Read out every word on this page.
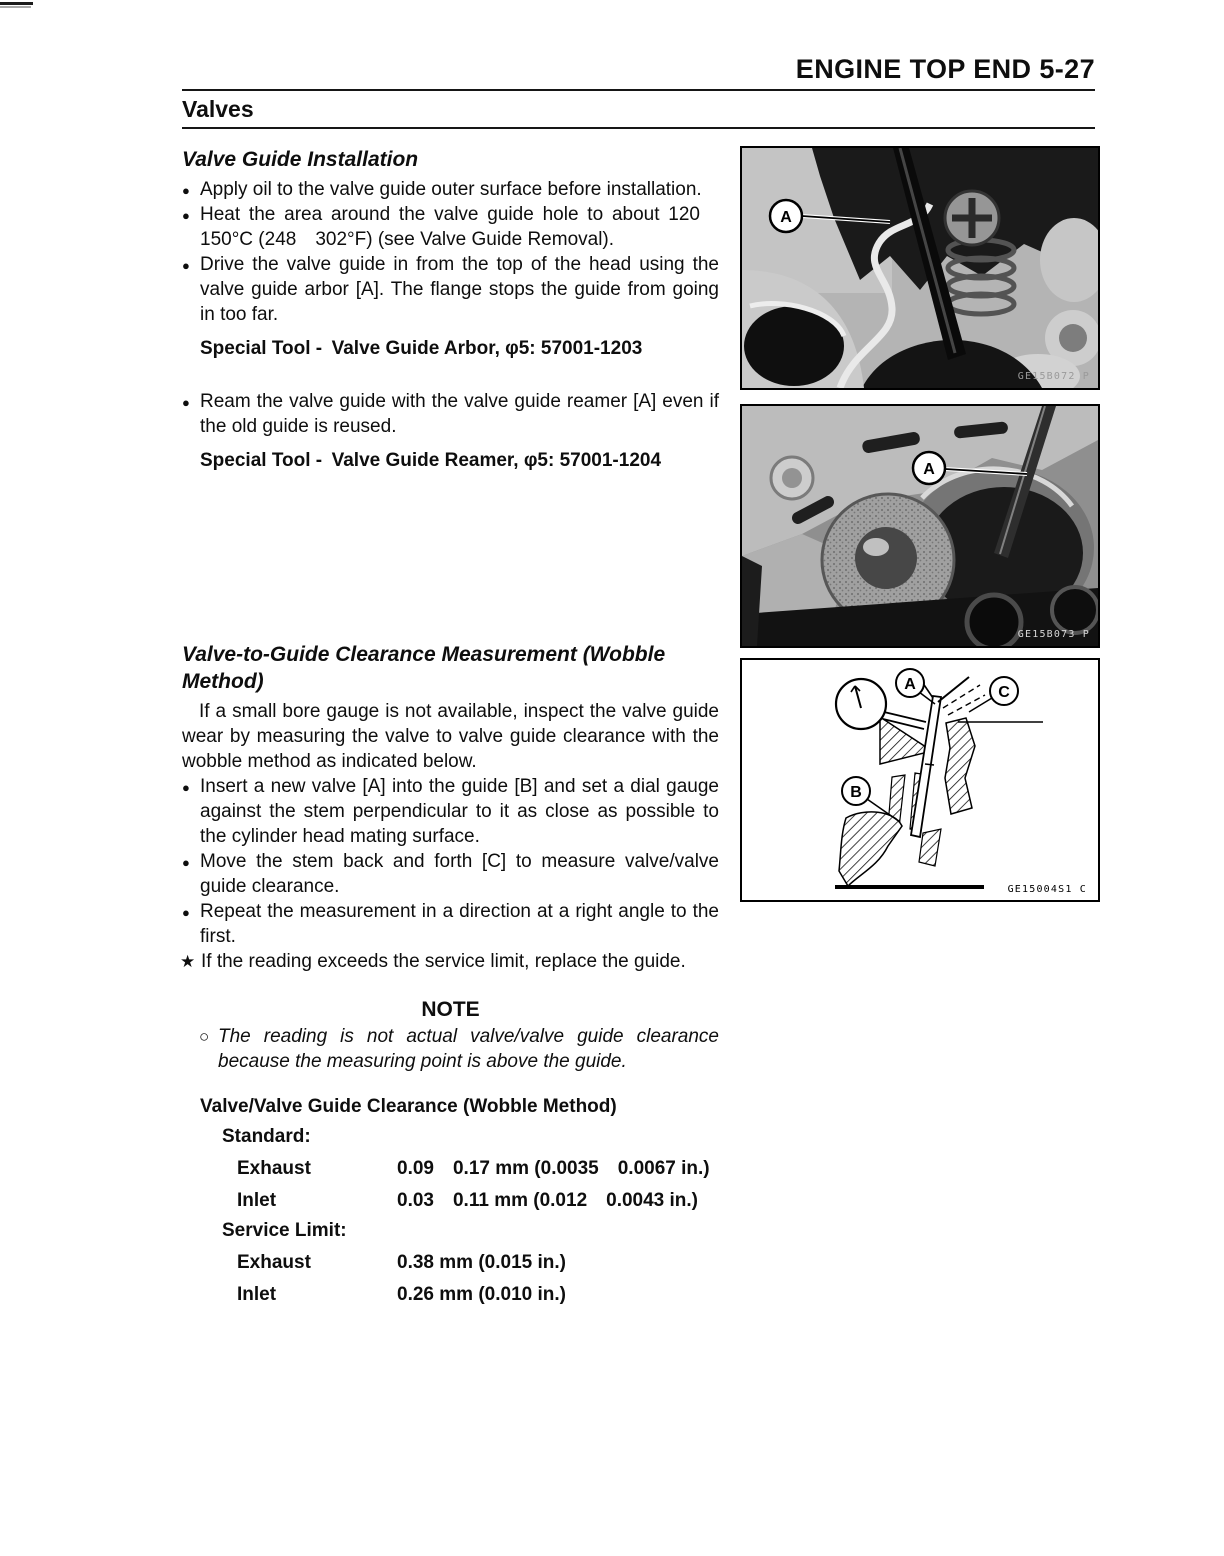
ENGINE TOP END 5-27
Valves
Valve Guide Installation
● Apply oil to the valve guide outer surface before installation.
● Heat the area around the valve guide hole to about 120  150°C (248  302°F) (see Valve Guide Removal).
● Drive the valve guide in from the top of the head using the valve guide arbor [A]. The flange stops the guide from going in too far.
Special Tool - Valve Guide Arbor, φ5: 57001-1203
● Ream the valve guide with the valve guide reamer [A] even if the old guide is reused.
Special Tool - Valve Guide Reamer, φ5: 57001-1204
Valve-to-Guide Clearance Measurement (Wobble Method)

If a small bore gauge is not available, inspect the valve guide wear by measuring the valve to valve guide clearance with the wobble method as indicated below.

● Insert a new valve [A] into the guide [B] and set a dial gauge against the stem perpendicular to it as close as possible to the cylinder head mating surface.
● Move the stem back and forth [C] to measure valve/valve guide clearance.
● Repeat the measurement in a direction at a right angle to the first.
★ If the reading exceeds the service limit, replace the guide.
NOTE
○ The reading is not actual valve/valve guide clearance because the measuring point is above the guide.
Valve/Valve Guide Clearance (Wobble Method)
Standard:
Exhaust	0.09  0.17 mm (0.0035  0.0067 in.)
Inlet	0.03  0.11 mm (0.012  0.0043 in.)
Service Limit:
Exhaust	0.38 mm (0.015 in.)
Inlet	0.26 mm (0.010 in.)
A
GE15B072 P
A
GE15B073 P
A	C
B
GE15004S1 C
